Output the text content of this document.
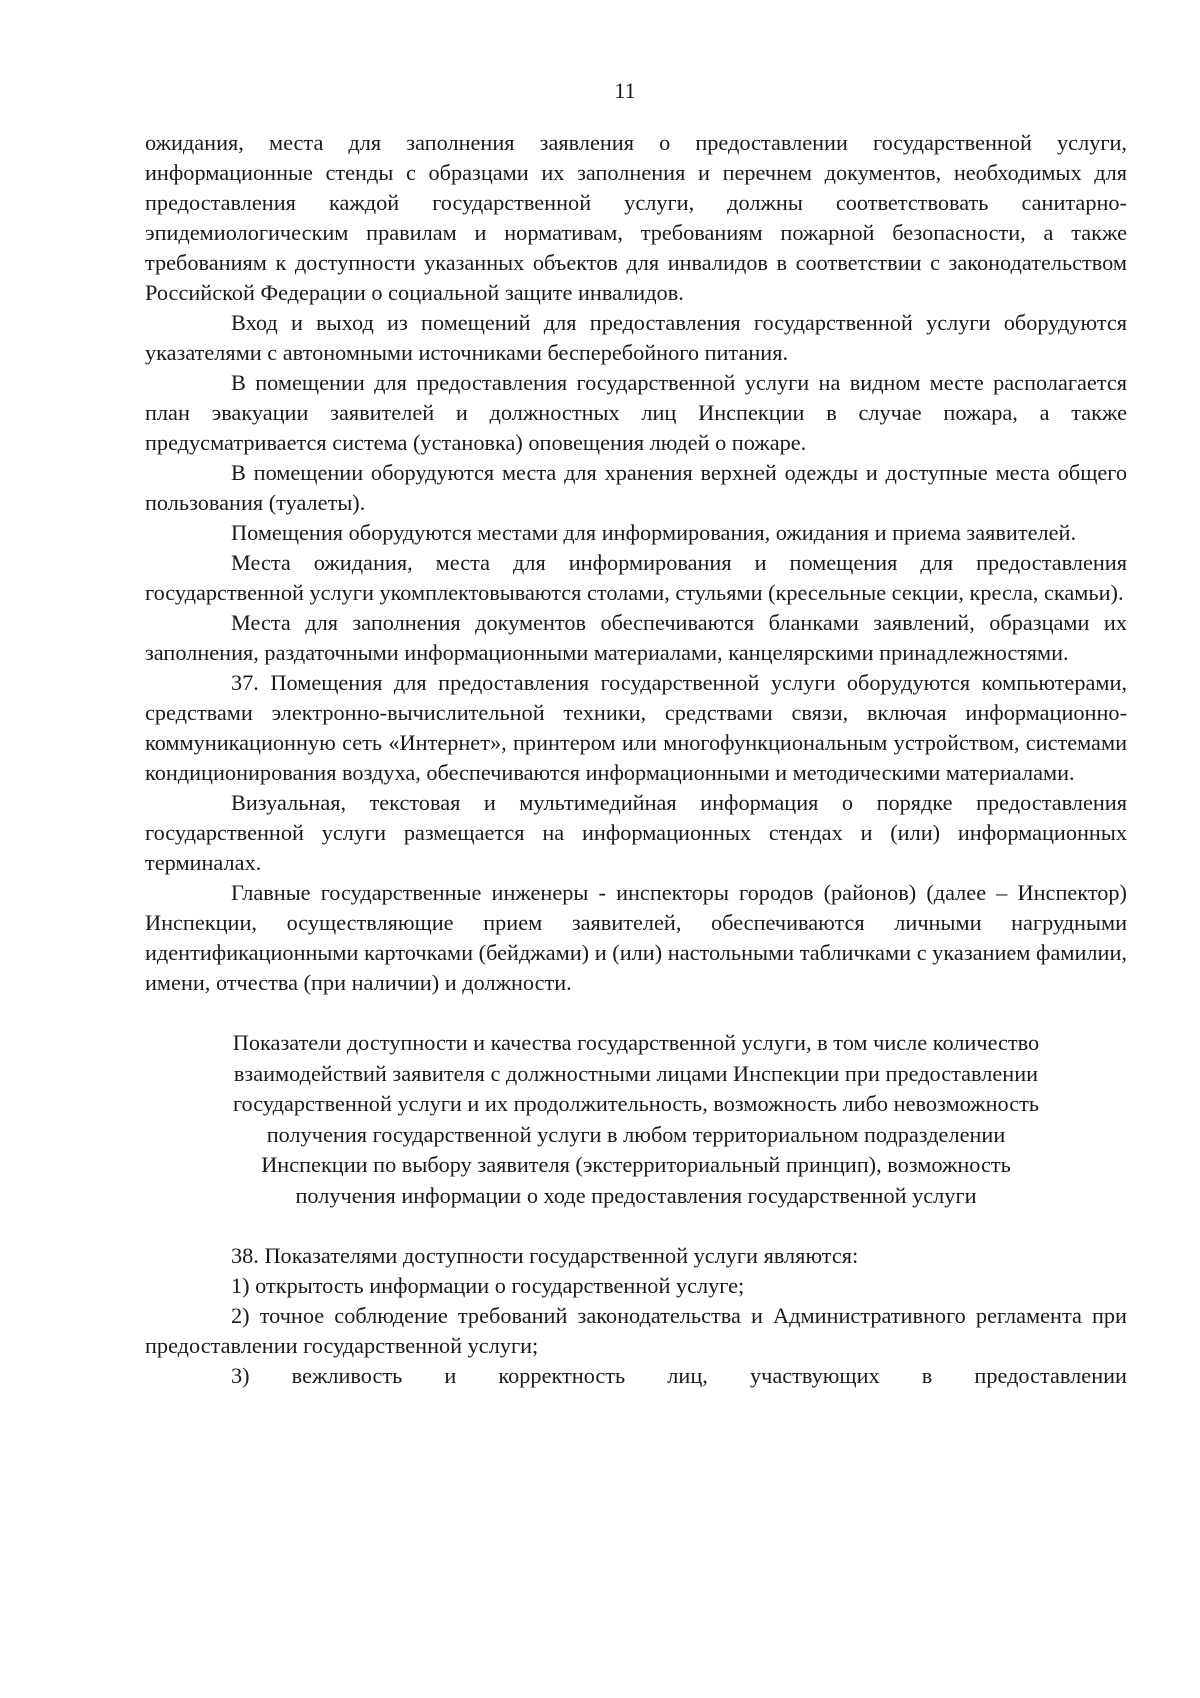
11

ожидания, места для заполнения заявления о предоставлении государственной услуги, информационные стенды с образцами их заполнения и перечнем документов, необходимых для предоставления каждой государственной услуги, должны соответствовать санитарно-эпидемиологическим правилам и нормативам, требованиям пожарной безопасности, а также требованиям к доступности указанных объектов для инвалидов в соответствии с законодательством Российской Федерации о социальной защите инвалидов.

Вход и выход из помещений для предоставления государственной услуги оборудуются указателями с автономными источниками бесперебойного питания.

В помещении для предоставления государственной услуги на видном месте располагается план эвакуации заявителей и должностных лиц Инспекции в случае пожара, а также предусматривается система (установка) оповещения людей о пожаре.

В помещении оборудуются места для хранения верхней одежды и доступные места общего пользования (туалеты).

Помещения оборудуются местами для информирования, ожидания и приема заявителей.

Места ожидания, места для информирования и помещения для предоставления государственной услуги укомплектовываются столами, стульями (кресельные секции, кресла, скамьи).

Места для заполнения документов обеспечиваются бланками заявлений, образцами их заполнения, раздаточными информационными материалами, канцелярскими принадлежностями.

37. Помещения для предоставления государственной услуги оборудуются компьютерами, средствами электронно-вычислительной техники, средствами связи, включая информационно-коммуникационную сеть «Интернет», принтером или многофункциональным устройством, системами кондиционирования воздуха, обеспечиваются информационными и методическими материалами.

Визуальная, текстовая и мультимедийная информация о порядке предоставления государственной услуги размещается на информационных стендах и (или) информационных терминалах.

Главные государственные инженеры - инспекторы городов (районов) (далее – Инспектор) Инспекции, осуществляющие прием заявителей, обеспечиваются личными нагрудными идентификационными карточками (бейджами) и (или) настольными табличками с указанием фамилии, имени, отчества (при наличии) и должности.

Показатели доступности и качества государственной услуги, в том числе количество

взаимодействий заявителя с должностными лицами Инспекции при предоставлении

государственной услуги и их продолжительность, возможность либо невозможность

получения государственной услуги в любом территориальном подразделении

Инспекции по выбору заявителя (экстерриториальный принцип), возможность

получения информации о ходе предоставления государственной услуги

38. Показателями доступности государственной услуги являются:

1) открытость информации о государственной услуге;

2) точное соблюдение требований законодательства и Административного регламента при предоставлении государственной услуги;

3) вежливость и корректность лиц, участвующих в предоставлении
